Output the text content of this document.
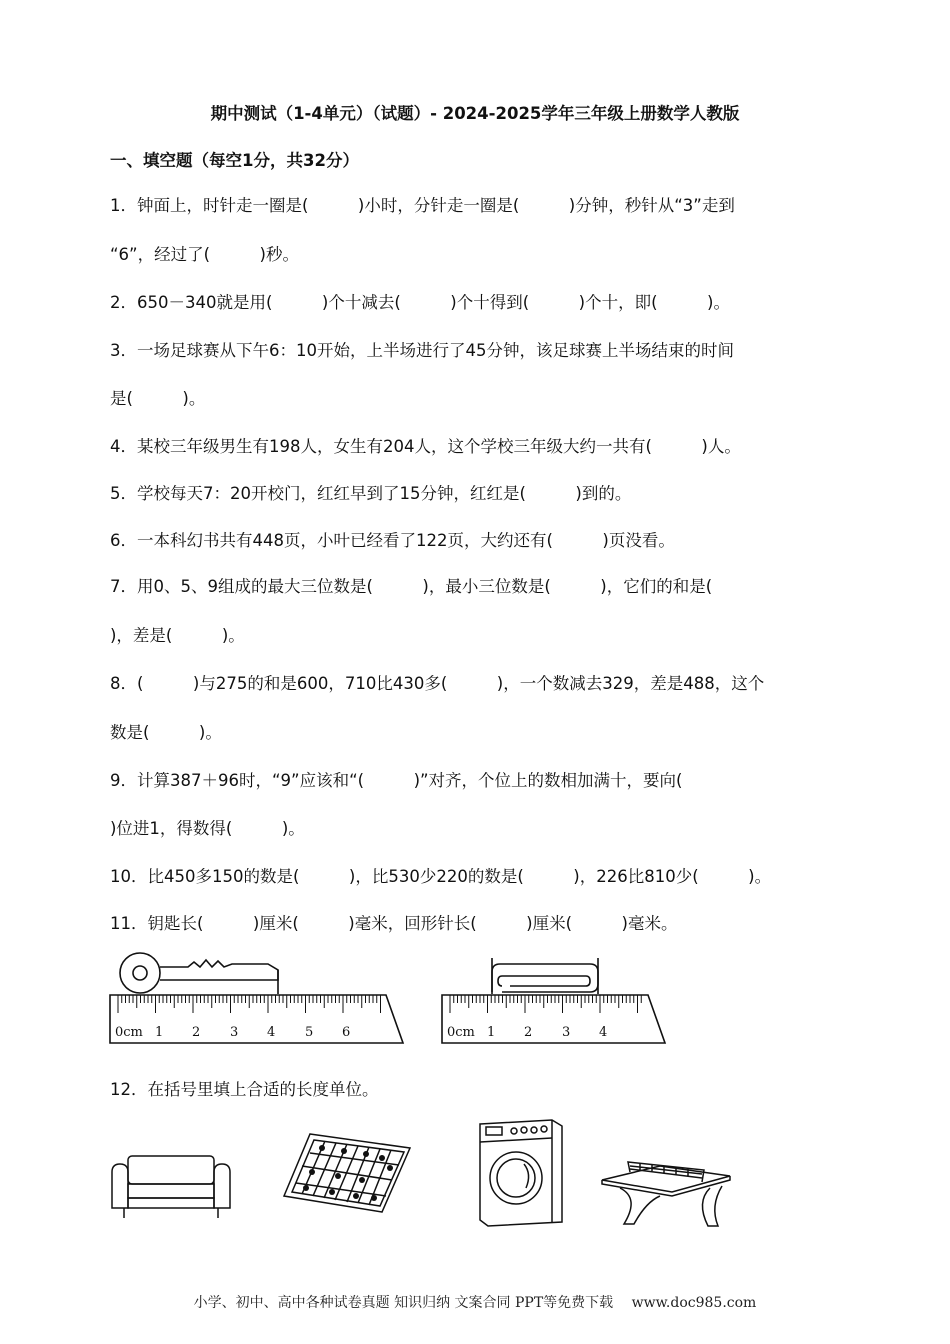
期中测试（1-4单元）（试题）- 2024-2025学年三年级上册数学人教版
一、填空题（每空1分，共32分）
1．钟面上，时针走一圈是(　　　)小时，分针走一圈是(　　　)分钟，秒针从“3”走到
“6”，经过了(　　　)秒。
2．650－340就是用(　　　)个十减去(　　　)个十得到(　　　)个十，即(　　　)。
3．一场足球赛从下午6：10开始，上半场进行了45分钟，该足球赛上半场结束的时间
是(　　　)。
4．某校三年级男生有198人，女生有204人，这个学校三年级大约一共有(　　　)人。
5．学校每天7：20开校门，红红早到了15分钟，红红是(　　　)到的。
6．一本科幻书共有448页，小叶已经看了122页，大约还有(　　　)页没看。
7．用0、5、9组成的最大三位数是(　　　)，最小三位数是(　　　)，它们的和是(
)，差是(　　　)。
8．(　　　)与275的和是600，710比430多(　　　)，一个数减去329，差是488，这个
数是(　　　)。
9．计算387＋96时，“9”应该和“(　　　)”对齐，个位上的数相加满十，要向(
)位进1，得数得(　　　)。
10．比450多150的数是(　　　)，比530少220的数是(　　　)，226比810少(　　　)。
11．钥匙长(　　　)厘米(　　　)毫米，回形针长(　　　)厘米(　　　)毫米。
12．在括号里填上合适的长度单位。
0cm 1 2 3 4 5 6	0cm 1 2 3 4
小学、初中、高中各种试卷真题 知识归纳 文案合同 PPT等免费下载　 www.doc985.com
